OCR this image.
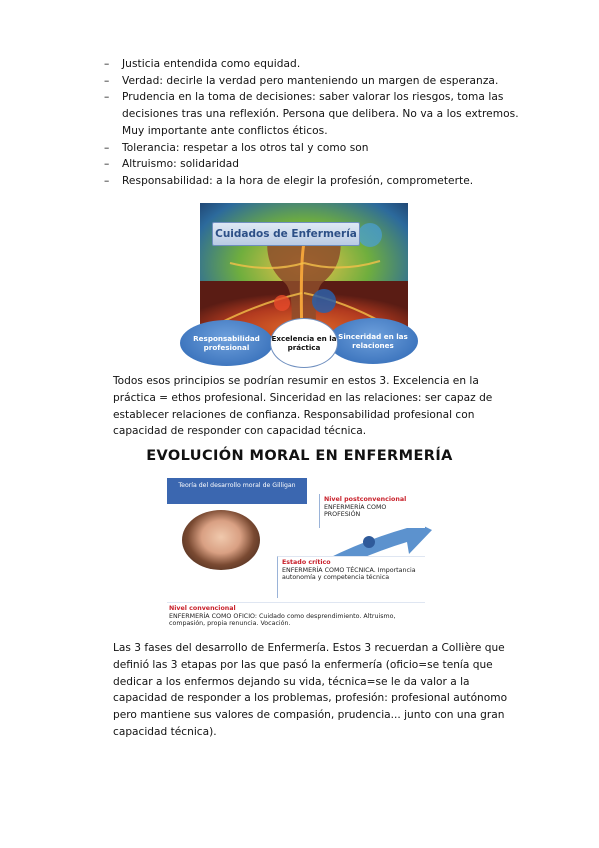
– Justicia entendida como equidad.
– Verdad: decirle la verdad pero manteniendo un margen de esperanza.
– Prudencia en la toma de decisiones: saber valorar los riesgos, toma las decisiones tras una reflexión. Persona que delibera. No va a los extremos. Muy importante ante conflictos éticos.
– Tolerancia: respetar a los otros tal y como son
– Altruismo: solidaridad
– Responsabilidad: a la hora de elegir la profesión, comprometerte.
Cuidados de Enfermería
Responsabilidad profesional
Sinceridad en las relaciones
Excelencia en la práctica

Todos esos principios se podrían resumir en estos 3. Excelencia en la práctica = ethos profesional. Sinceridad en las relaciones: ser capaz de establecer relaciones de confianza. Responsabilidad profesional con capacidad de responder con capacidad técnica.

EVOLUCIÓN MORAL EN ENFERMERÍA
Teoría del desarrollo moral de Gilligan
Nivel postconvencional
ENFERMERÍA COMO PROFESIÓN
Estado crítico
ENFERMERÍA COMO TÉCNICA. Importancia autonomía y competencia técnica
Nivel convencional
ENFERMERÍA COMO OFICIO: Cuidado como desprendimiento. Altruismo, compasión, propia renuncia. Vocación.

Las 3 fases del desarrollo de Enfermería. Estos 3 recuerdan a Collière que definió las 3 etapas por las que pasó la enfermería (oficio=se tenía que dedicar a los enfermos dejando su vida, técnica=se le da valor a la capacidad de responder a los problemas, profesión: profesional autónomo pero mantiene sus valores de compasión, prudencia... junto con una gran capacidad técnica).
